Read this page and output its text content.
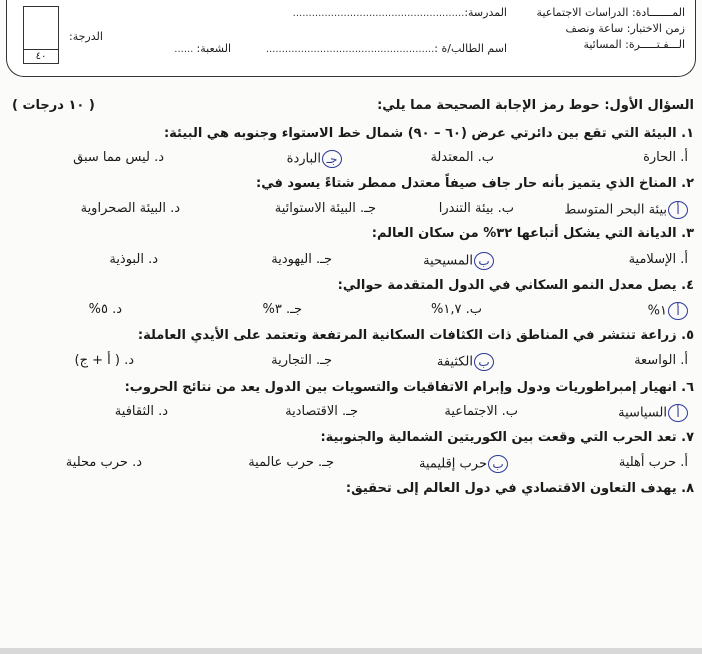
٤٠
الدرجة:
المـــــــادة: الدراسات الاجتماعية
زمن الاختبار: ساعة ونصف
الـــفـتـــــرة: المسائية
المدرسة:......................................................
اسم الطالب/ة :.....................................................
الشعبة: ......
السؤال الأول: حوط رمز الإجابة الصحيحة مما يلي:
( ١٠ درجات )
١. البيئة التي تقع بين دائرتي عرض (٦٠ – ٩٠) شمال خط الاستواء وجنوبه هي البيئة:
أ. الحارة
ب. المعتدلة
جـالباردة
د. ليس مما سبق
٢. المناخ الذي يتميز بأنه حار جاف صيفاً معتدل ممطر شتاءً يسود في:
أبيئة البحر المتوسط
ب. بيئة التندرا
جـ. البيئة الاستوائية
د. البيئة الصحراوية
٣. الديانة التي يشكل أتباعها ٣٢% من سكان العالم:
أ. الإسلامية
بالمسيحية
جـ. اليهودية
د. البوذية
٤. يصل معدل النمو السكاني في الدول المتقدمة حوالي:
أ١%
ب. ١,٧%
جـ. ٣%
د. ٥%
٥. زراعة تنتشر في المناطق ذات الكثافات السكانية المرتفعة وتعتمد على الأيدي العاملة:
أ. الواسعة
بالكثيفة
جـ. التجارية
د. ( أ + ج)
٦. انهيار إمبراطوريات ودول وإبرام الاتفاقيات والتسويات بين الدول يعد من نتائج الحروب:
أالسياسية
ب. الاجتماعية
جـ. الاقتصادية
د. الثقافية
٧. تعد الحرب التي وقعت بين الكوريتين الشمالية والجنوبية:
أ. حرب أهلية
بحرب إقليمية
جـ. حرب عالمية
د. حرب محلية
٨. يهدف التعاون الاقتصادي في دول العالم إلى تحقيق:
